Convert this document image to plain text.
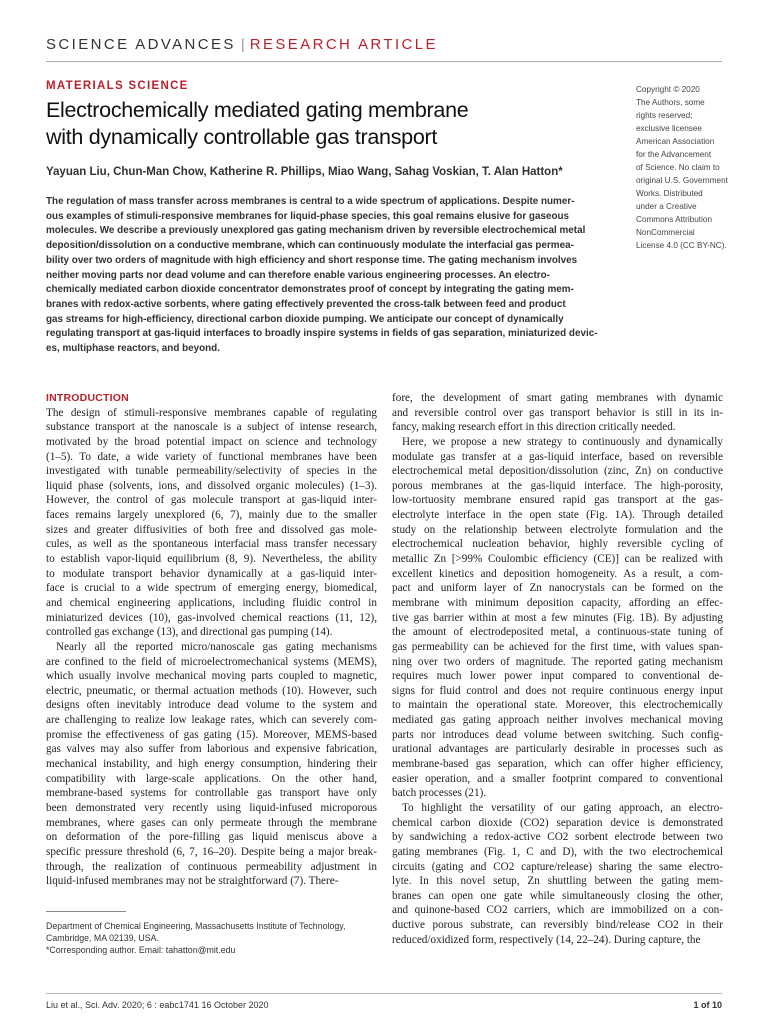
SCIENCE ADVANCES | RESEARCH ARTICLE
MATERIALS SCIENCE
Electrochemically mediated gating membrane
with dynamically controllable gas transport
Yayuan Liu, Chun-Man Chow, Katherine R. Phillips, Miao Wang, Sahag Voskian, T. Alan Hatton*
The regulation of mass transfer across membranes is central to a wide spectrum of applications. Despite numer-
ous examples of stimuli-responsive membranes for liquid-phase species, this goal remains elusive for gaseous
molecules. We describe a previously unexplored gas gating mechanism driven by reversible electrochemical metal
deposition/dissolution on a conductive membrane, which can continuously modulate the interfacial gas permea-
bility over two orders of magnitude with high efficiency and short response time. The gating mechanism involves
neither moving parts nor dead volume and can therefore enable various engineering processes. An electro-
chemically mediated carbon dioxide concentrator demonstrates proof of concept by integrating the gating mem-
branes with redox-active sorbents, where gating effectively prevented the cross-talk between feed and product
gas streams for high-efficiency, directional carbon dioxide pumping. We anticipate our concept of dynamically
regulating transport at gas-liquid interfaces to broadly inspire systems in fields of gas separation, miniaturized devic-
es, multiphase reactors, and beyond.
Copyright © 2020
The Authors, some
rights reserved;
exclusive licensee
American Association
for the Advancement
of Science. No claim to
original U.S. Government
Works. Distributed
under a Creative
Commons Attribution
NonCommercial
License 4.0 (CC BY-NC).
INTRODUCTION
The design of stimuli-responsive membranes capable of regulating
substance transport at the nanoscale is a subject of intense research,
motivated by the broad potential impact on science and technology
(1–5). To date, a wide variety of functional membranes have been
investigated with tunable permeability/selectivity of species in the
liquid phase (solvents, ions, and dissolved organic molecules) (1–3).
However, the control of gas molecule transport at gas-liquid inter-
faces remains largely unexplored (6, 7), mainly due to the smaller
sizes and greater diffusivities of both free and dissolved gas mole-
cules, as well as the spontaneous interfacial mass transfer necessary
to establish vapor-liquid equilibrium (8, 9). Nevertheless, the ability
to modulate transport behavior dynamically at a gas-liquid inter-
face is crucial to a wide spectrum of emerging energy, biomedical,
and chemical engineering applications, including fluidic control in
miniaturized devices (10), gas-involved chemical reactions (11, 12),
controlled gas exchange (13), and directional gas pumping (14).
Nearly all the reported micro/nanoscale gas gating mechanisms
are confined to the field of microelectromechanical systems (MEMS),
which usually involve mechanical moving parts coupled to magnetic,
electric, pneumatic, or thermal actuation methods (10). However, such
designs often inevitably introduce dead volume to the system and
are challenging to realize low leakage rates, which can severely com-
promise the effectiveness of gas gating (15). Moreover, MEMS-based
gas valves may also suffer from laborious and expensive fabrication,
mechanical instability, and high energy consumption, hindering their
compatibility with large-scale applications. On the other hand,
membrane-based systems for controllable gas transport have only
been demonstrated very recently using liquid-infused microporous
membranes, where gases can only permeate through the membrane
on deformation of the pore-filling gas liquid meniscus above a
specific pressure threshold (6, 7, 16–20). Despite being a major break-
through, the realization of continuous permeability adjustment in
liquid-infused membranes may not be straightforward (7). There-
fore, the development of smart gating membranes with dynamic
and reversible control over gas transport behavior is still in its in-
fancy, making research effort in this direction critically needed.
Here, we propose a new strategy to continuously and dynamically
modulate gas transfer at a gas-liquid interface, based on reversible
electrochemical metal deposition/dissolution (zinc, Zn) on conductive
porous membranes at the gas-liquid interface. The high-porosity,
low-tortuosity membrane ensured rapid gas transport at the gas-
electrolyte interface in the open state (Fig. 1A). Through detailed
study on the relationship between electrolyte formulation and the
electrochemical nucleation behavior, highly reversible cycling of
metallic Zn [>99% Coulombic efficiency (CE)] can be realized with
excellent kinetics and deposition homogeneity. As a result, a com-
pact and uniform layer of Zn nanocrystals can be formed on the
membrane with minimum deposition capacity, affording an effec-
tive gas barrier within at most a few minutes (Fig. 1B). By adjusting
the amount of electrodeposited metal, a continuous-state tuning of
gas permeability can be achieved for the first time, with values span-
ning over two orders of magnitude. The reported gating mechanism
requires much lower power input compared to conventional de-
signs for fluid control and does not require continuous energy input
to maintain the operational state. Moreover, this electrochemically
mediated gas gating approach neither involves mechanical moving
parts nor introduces dead volume between switching. Such config-
urational advantages are particularly desirable in processes such as
membrane-based gas separation, which can offer higher efficiency,
easier operation, and a smaller footprint compared to conventional
batch processes (21).
To highlight the versatility of our gating approach, an electro-
chemical carbon dioxide (CO2) separation device is demonstrated
by sandwiching a redox-active CO2 sorbent electrode between two
gating membranes (Fig. 1, C and D), with the two electrochemical
circuits (gating and CO2 capture/release) sharing the same electro-
lyte. In this novel setup, Zn shuttling between the gating mem-
branes can open one gate while simultaneously closing the other,
and quinone-based CO2 carriers, which are immobilized on a con-
ductive porous substrate, can reversibly bind/release CO2 in their
reduced/oxidized form, respectively (14, 22–24). During capture, the
Department of Chemical Engineering, Massachusetts Institute of Technology,
Cambridge, MA 02139, USA.
*Corresponding author. Email: tahatton@mit.edu
Liu et al., Sci. Adv. 2020; 6 : eabc1741 16 October 2020	1 of 10
